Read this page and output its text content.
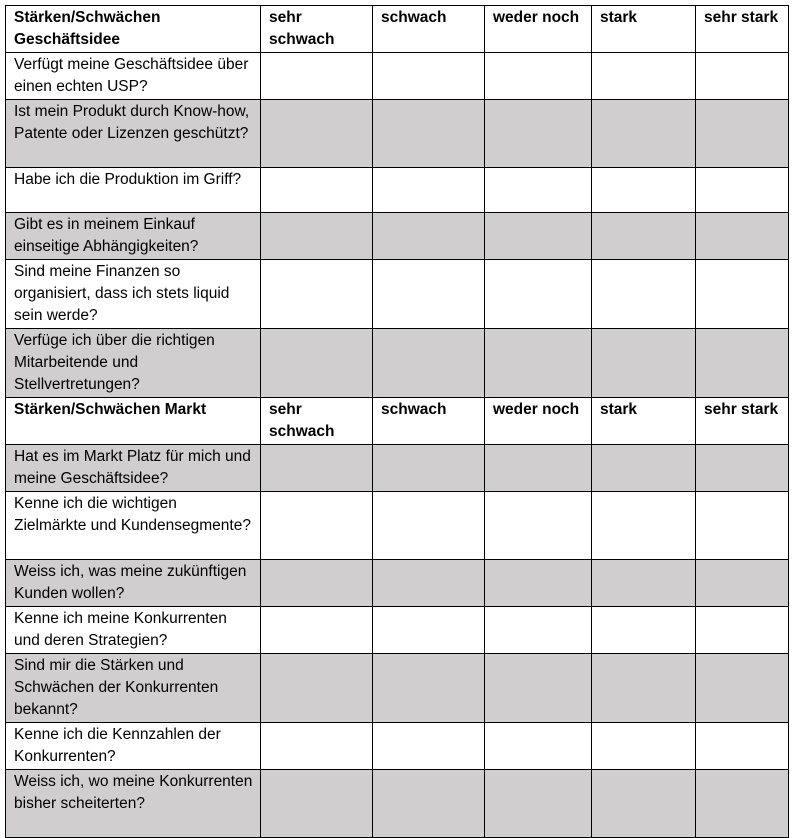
Stärken/Schwächen Geschäftsidee	sehr schwach	schwach	weder noch	stark	sehr stark
Verfügt meine Geschäftsidee über einen echten USP?					
Ist mein Produkt durch Know-how, Patente oder Lizenzen geschützt?					
Habe ich die Produktion im Griff?					
Gibt es in meinem Einkauf einseitige Abhängigkeiten?					
Sind meine Finanzen so organisiert, dass ich stets liquid sein werde?					
Verfüge ich über die richtigen Mitarbeitende und Stellvertretungen?					
Stärken/Schwächen Markt	sehr schwach	schwach	weder noch	stark	sehr stark
Hat es im Markt Platz für mich und meine Geschäftsidee?					
Kenne ich die wichtigen Zielmärkte und Kundensegmente?					
Weiss ich, was meine zukünftigen Kunden wollen?					
Kenne ich meine Konkurrenten und deren Strategien?					
Sind mir die Stärken und Schwächen der Konkurrenten bekannt?					
Kenne ich die Kennzahlen der Konkurrenten?					
Weiss ich, wo meine Konkurrenten bisher scheiterten?					
